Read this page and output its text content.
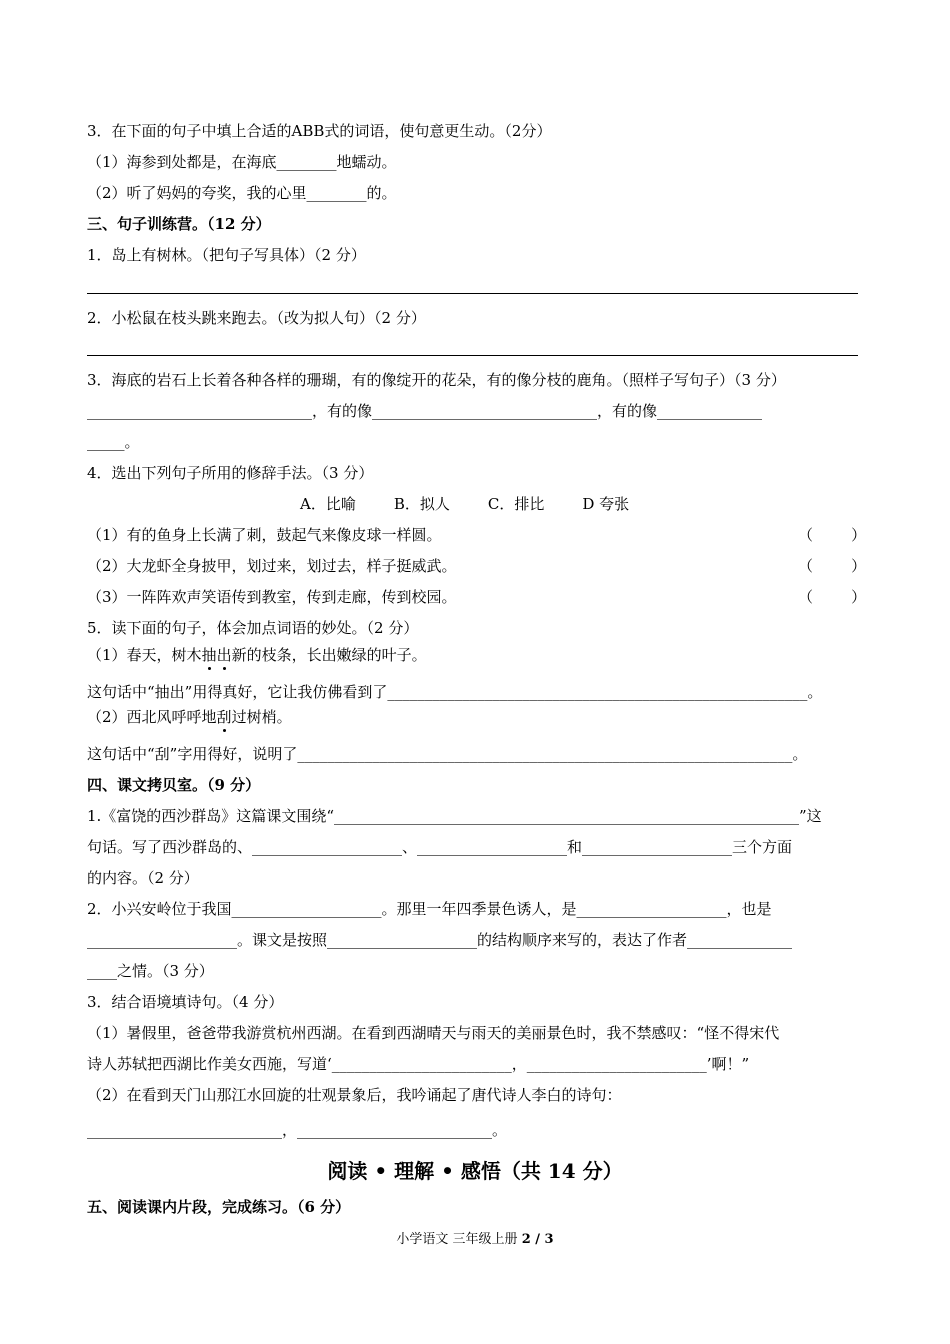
3．在下面的句子中填上合适的ABB式的词语，使句意更生动。（2分）
（1）海参到处都是，在海底________地蠕动。
（2）听了妈妈的夸奖，我的心里________的。
三、句子训练营。（12 分）
1．岛上有树林。（把句子写具体）（2 分）
2．小松鼠在枝头跳来跑去。（改为拟人句）（2 分）
3．海底的岩石上长着各种各样的珊瑚，有的像绽开的花朵，有的像分枝的鹿角。（照样子写句子）（3 分）
______________________________，有的像______________________________，有的像______________
_____。
4．选出下列句子所用的修辞手法。（3 分）
A．比喻	B．拟人	C．排比	D 夸张
（1）有的鱼身上长满了刺，鼓起气来像皮球一样圆。	（        ）
（2）大龙虾全身披甲，划过来，划过去，样子挺威武。	（        ）
（3）一阵阵欢声笑语传到教室，传到走廊，传到校园。	（        ）
5．读下面的句子，体会加点词语的妙处。（2 分）
（1）春天，树木抽出新的枝条，长出嫩绿的叶子。
这句话中“抽出”用得真好，它让我仿佛看到了________________________________________________________。
（2）西北风呼呼地刮过树梢。
这句话中“刮”字用得好，说明了__________________________________________________________________。
四、课文拷贝室。（9 分）
1.《富饶的西沙群岛》这篇课文围绕“______________________________________________________________”这
句话。写了西沙群岛的、____________________、____________________和____________________三个方面
的内容。（2 分）
2．小兴安岭位于我国____________________。那里一年四季景色诱人，是____________________，也是
____________________。课文是按照____________________的结构顺序来写的，表达了作者______________
____之情。（3 分）
3．结合语境填诗句。（4 分）
（1）暑假里，爸爸带我游赏杭州西湖。在看到西湖晴天与雨天的美丽景色时，我不禁感叹：“怪不得宋代
诗人苏轼把西湖比作美女西施，写道‘________________________，________________________’啊！”
（2）在看到天门山那江水回旋的壮观景象后，我吟诵起了唐代诗人李白的诗句：
__________________________，__________________________。
阅读 • 理解 • 感悟（共 14 分）
五、阅读课内片段，完成练习。（6 分）
小学语文 三年级上册 2 / 3
